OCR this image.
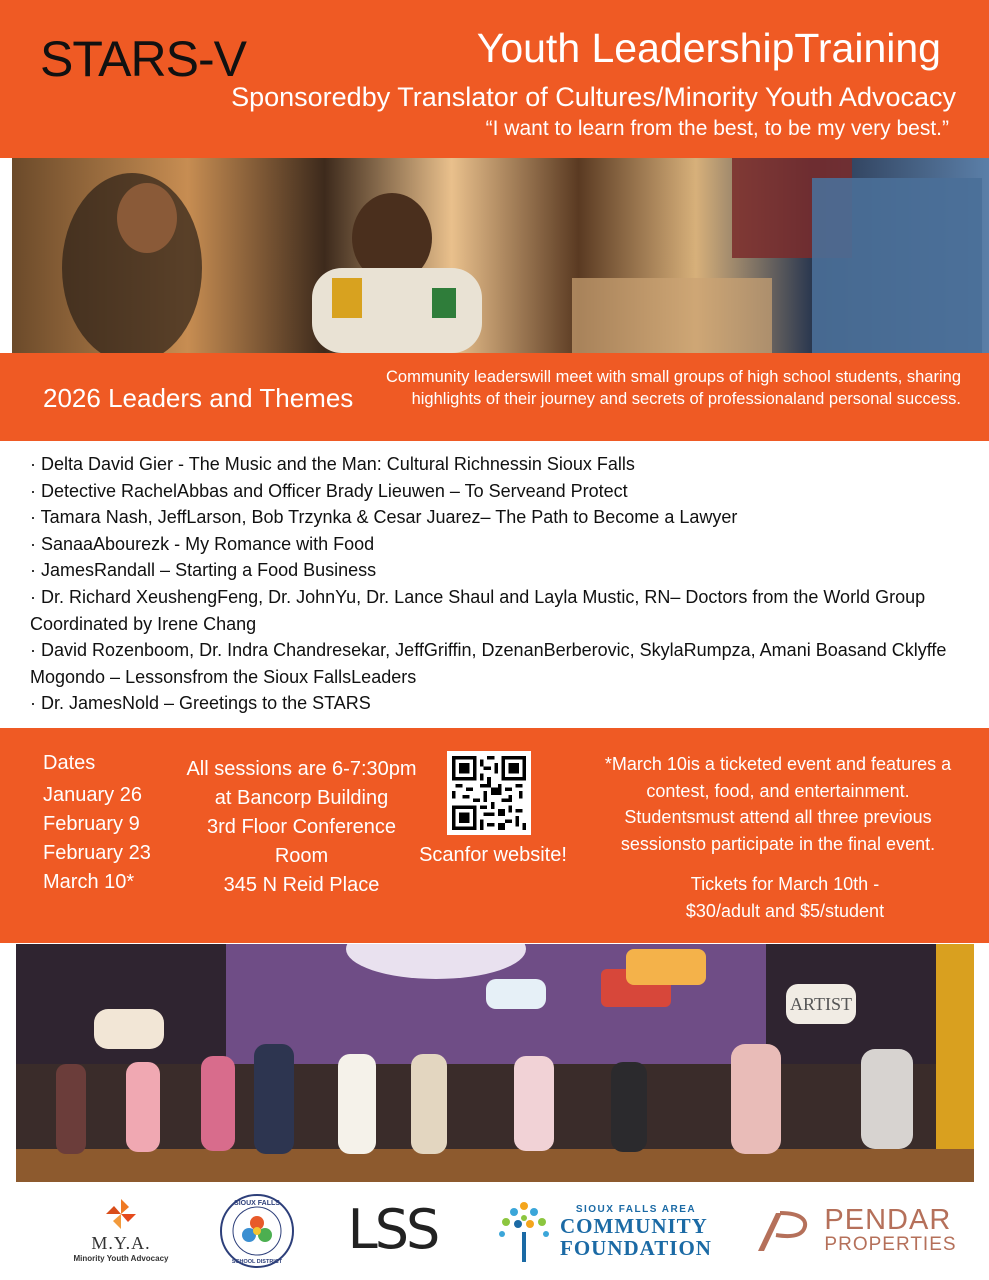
STARS-V	Youth LeadershipTraining
Sponsoredby Translator of Cultures/Minority Youth Advocacy
“I want to learn from the best, to be my very best.”
2026 Leaders and Themes
Community leaderswill meet with small groups of high school students, sharing highlights of their journey and secrets of professionaland personal success.
· Delta David Gier - The Music and the Man: Cultural Richnessin Sioux Falls
· Detective RachelAbbas and Officer Brady Lieuwen – To Serveand Protect
· Tamara Nash, JeffLarson, Bob Trzynka & Cesar Juarez– The Path to Become a Lawyer
· SanaaAbourezk - My Romance with Food
· JamesRandall – Starting a Food Business
· Dr. Richard XeushengFeng, Dr. JohnYu, Dr. Lance Shaul and Layla Mustic, RN– Doctors from the World Group Coordinated by Irene Chang
· David Rozenboom, Dr. Indra Chandresekar, JeffGriffin, DzenanBerberovic, SkylaRumpza, Amani Boasand Cklyffe Mogondo – Lessonsfrom the Sioux FallsLeaders
· Dr. JamesNold – Greetings to the STARS
Dates
January 26
February 9
February 23
March 10*
All sessions are 6-7:30pm
at Bancorp Building
3rd Floor Conference
Room
345 N Reid Place
Scanfor website!
*March 10is a ticketed event and features a contest, food, and entertainment. Studentsmust attend all three previous sessionsto participate in the final event.
Tickets for March 10th -
$30/adult and $5/student
ARTIST
M.Y.A.
Minority Youth Advocacy
SIOUX FALLS
SCHOOL DISTRICT
LSS	SIOUX FALLS AREA
COMMUNITY
FOUNDATION
PENDAR
PROPERTIES
